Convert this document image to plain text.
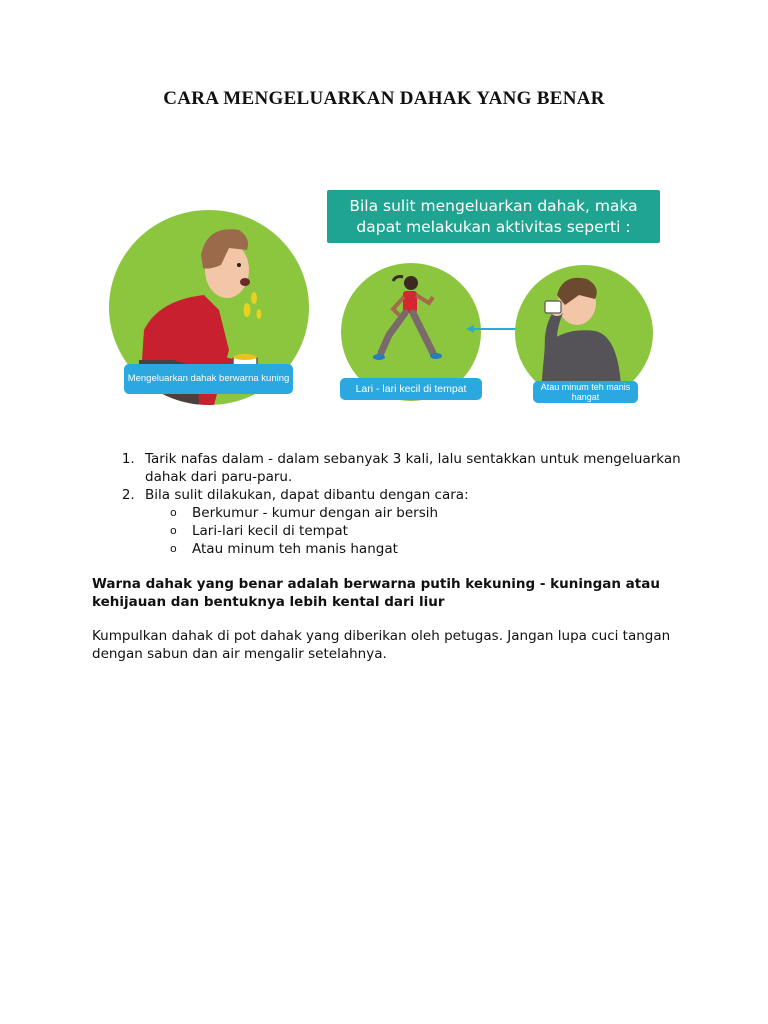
CARA MENGELUARKAN DAHAK YANG BENAR
Bila sulit mengeluarkan dahak, maka dapat melakukan aktivitas seperti :
Mengeluarkan dahak berwarna kuning
Lari - lari kecil di tempat	Atau minum teh manis hangat
1. Tarik nafas dalam - dalam sebanyak 3 kali, lalu sentakkan untuk mengeluarkan dahak dari paru-paru.
2. Bila sulit dilakukan, dapat dibantu dengan cara:
o Berkumur - kumur dengan air bersih
o Lari-lari kecil di tempat
o Atau minum teh manis hangat
Warna dahak yang benar adalah berwarna putih kekuning - kuningan atau kehijauan dan bentuknya lebih kental dari liur
Kumpulkan dahak di pot dahak yang diberikan oleh petugas. Jangan lupa cuci tangan dengan sabun dan air mengalir setelahnya.
